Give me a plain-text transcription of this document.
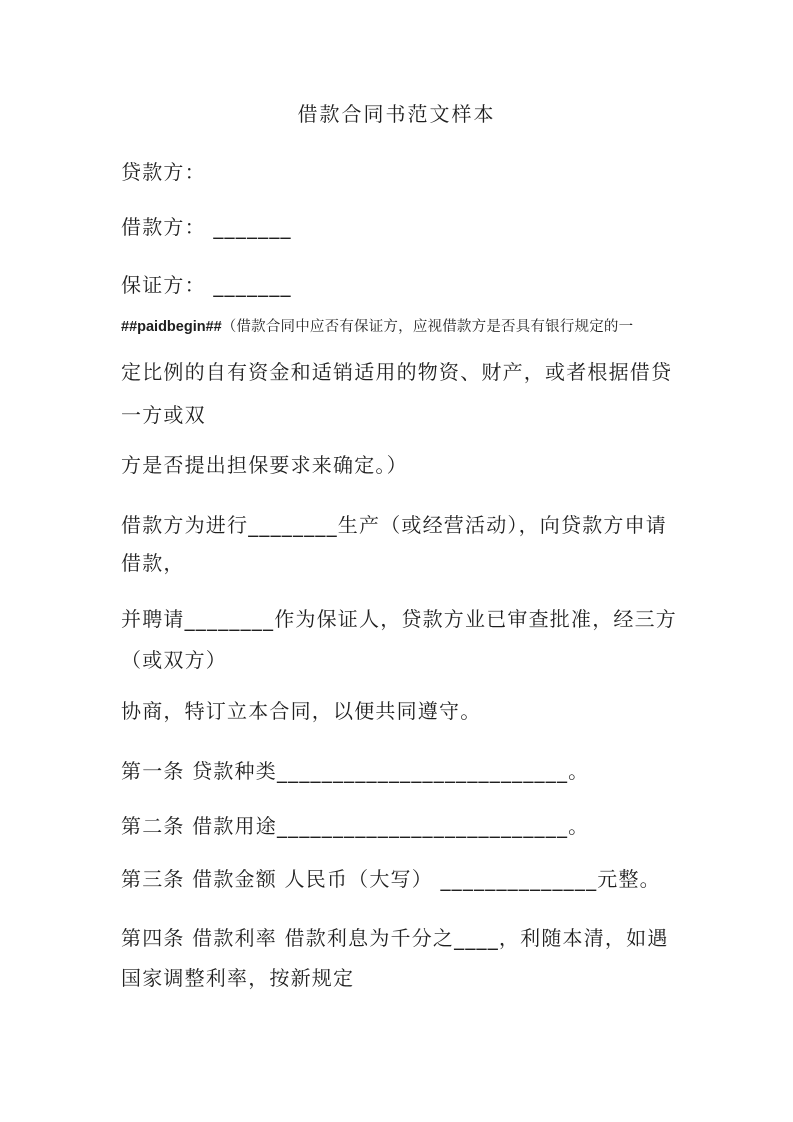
借款合同书范文样本
贷款方：
借款方： _______
保证方： _______
##paidbegin##（借款合同中应否有保证方，应视借款方是否具有银行规定的一
定比例的自有资金和适销适用的物资、财产，或者根据借贷
一方或双
方是否提出担保要求来确定。）
借款方为进行________生产（或经营活动），向贷款方申请
借款，
并聘请________作为保证人，贷款方业已审查批准，经三方
（或双方）
协商，特订立本合同，以便共同遵守。
第一条 贷款种类__________________________。
第二条 借款用途__________________________。
第三条 借款金额 人民币（大写） ______________元整。
第四条 借款利率 借款利息为千分之____，利随本清，如遇
国家调整利率，按新规定
